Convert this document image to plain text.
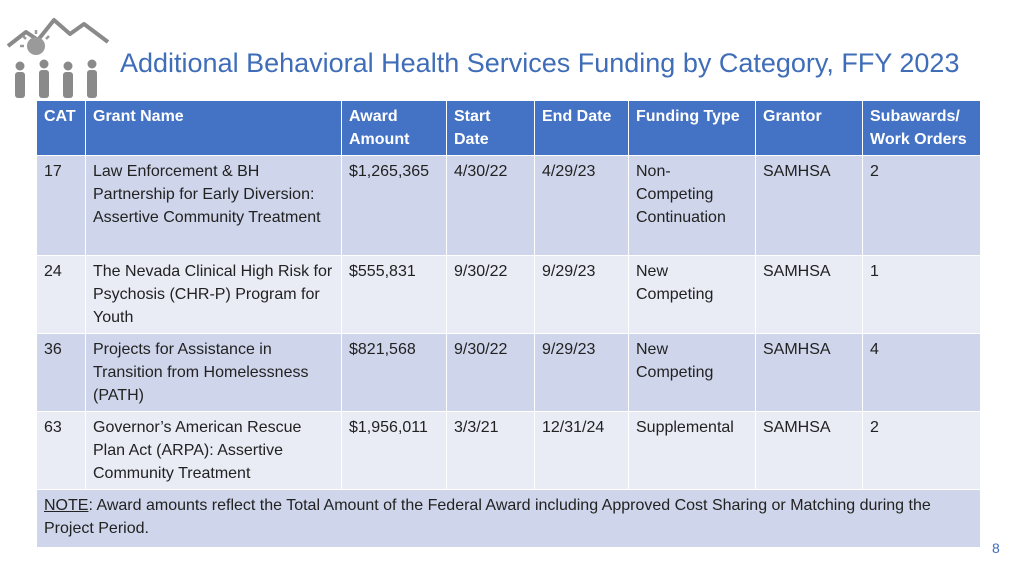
Additional Behavioral Health Services Funding by Category, FFY 2023
CAT	Grant Name	Award Amount	Start Date	End Date	Funding Type	Grantor	Subawards/ Work Orders
17	Law Enforcement & BH Partnership for Early Diversion: Assertive Community Treatment	$1,265,365	4/30/22	4/29/23	Non-Competing Continuation	SAMHSA	2
24	The Nevada Clinical High Risk for Psychosis (CHR-P) Program for Youth	$555,831	9/30/22	9/29/23	New Competing	SAMHSA	1
36	Projects for Assistance in Transition from Homelessness (PATH)	$821,568	9/30/22	9/29/23	New Competing	SAMHSA	4
63	Governor’s American Rescue Plan Act (ARPA): Assertive Community Treatment	$1,956,011	3/3/21	12/31/24	Supplemental	SAMHSA	2
NOTE: Award amounts reflect the Total Amount of the Federal Award including Approved Cost Sharing or Matching during the Project Period.							
8
